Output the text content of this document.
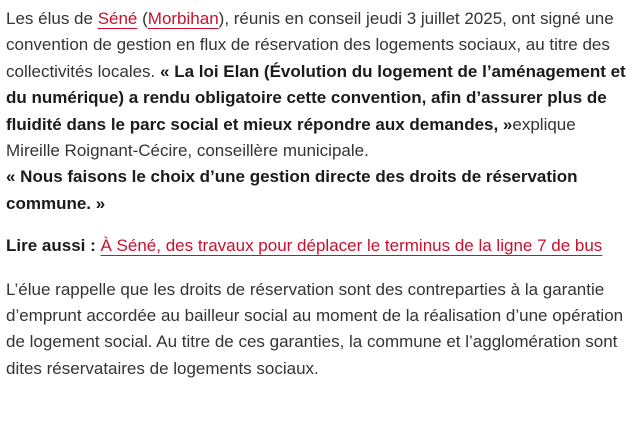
Les élus de Séné (Morbihan), réunis en conseil jeudi 3 juillet 2025, ont signé une convention de gestion en flux de réservation des logements sociaux, au titre des collectivités locales. « La loi Elan (Évolution du logement de l’aménagement et du numérique) a rendu obligatoire cette convention, afin d’assurer plus de fluidité dans le parc social et mieux répondre aux demandes, »explique Mireille Roignant-Cécire, conseillère municipale.
« Nous faisons le choix d’une gestion directe des droits de réservation commune. »

Lire aussi : À Séné, des travaux pour déplacer le terminus de la ligne 7 de bus

L’élue rappelle que les droits de réservation sont des contreparties à la garantie d’emprunt accordée au bailleur social au moment de la réalisation d’une opération de logement social. Au titre de ces garanties, la commune et l’agglomération sont dites réservataires de logements sociaux.
